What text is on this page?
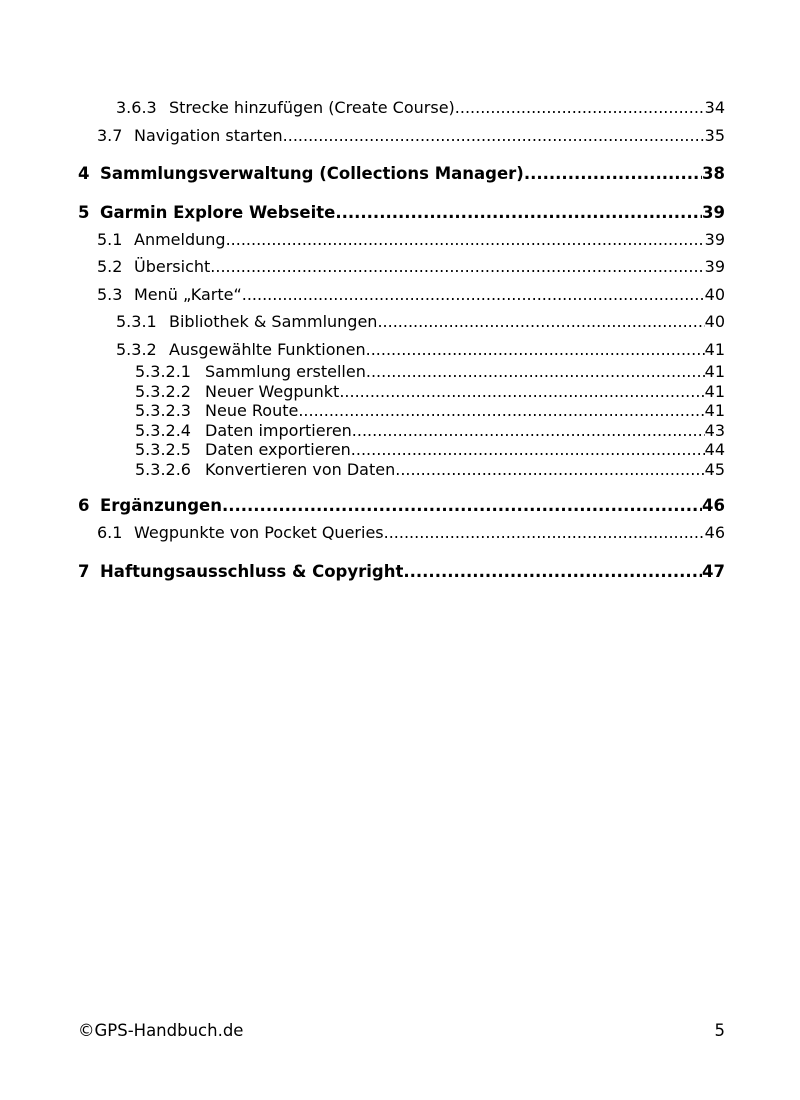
3.6.3 Strecke hinzufügen (Create Course) .....	34
3.7 Navigation starten .....	35
4 Sammlungsverwaltung (Collections Manager) .....	38
5 Garmin Explore Webseite .....	39
5.1 Anmeldung .....	39
5.2 Übersicht .....	39
5.3 Menü „Karte“ .....	40
5.3.1 Bibliothek & Sammlungen .....	40
5.3.2 Ausgewählte Funktionen .....	41
5.3.2.1 Sammlung erstellen .....	41
5.3.2.2 Neuer Wegpunkt .....	41
5.3.2.3 Neue Route .....	41
5.3.2.4 Daten importieren .....	43
5.3.2.5 Daten exportieren .....	44
5.3.2.6 Konvertieren von Daten .....	45
6 Ergänzungen .....	46
6.1 Wegpunkte von Pocket Queries .....	46
7 Haftungsausschluss & Copyright .....	47
©GPS-Handbuch.de	5
